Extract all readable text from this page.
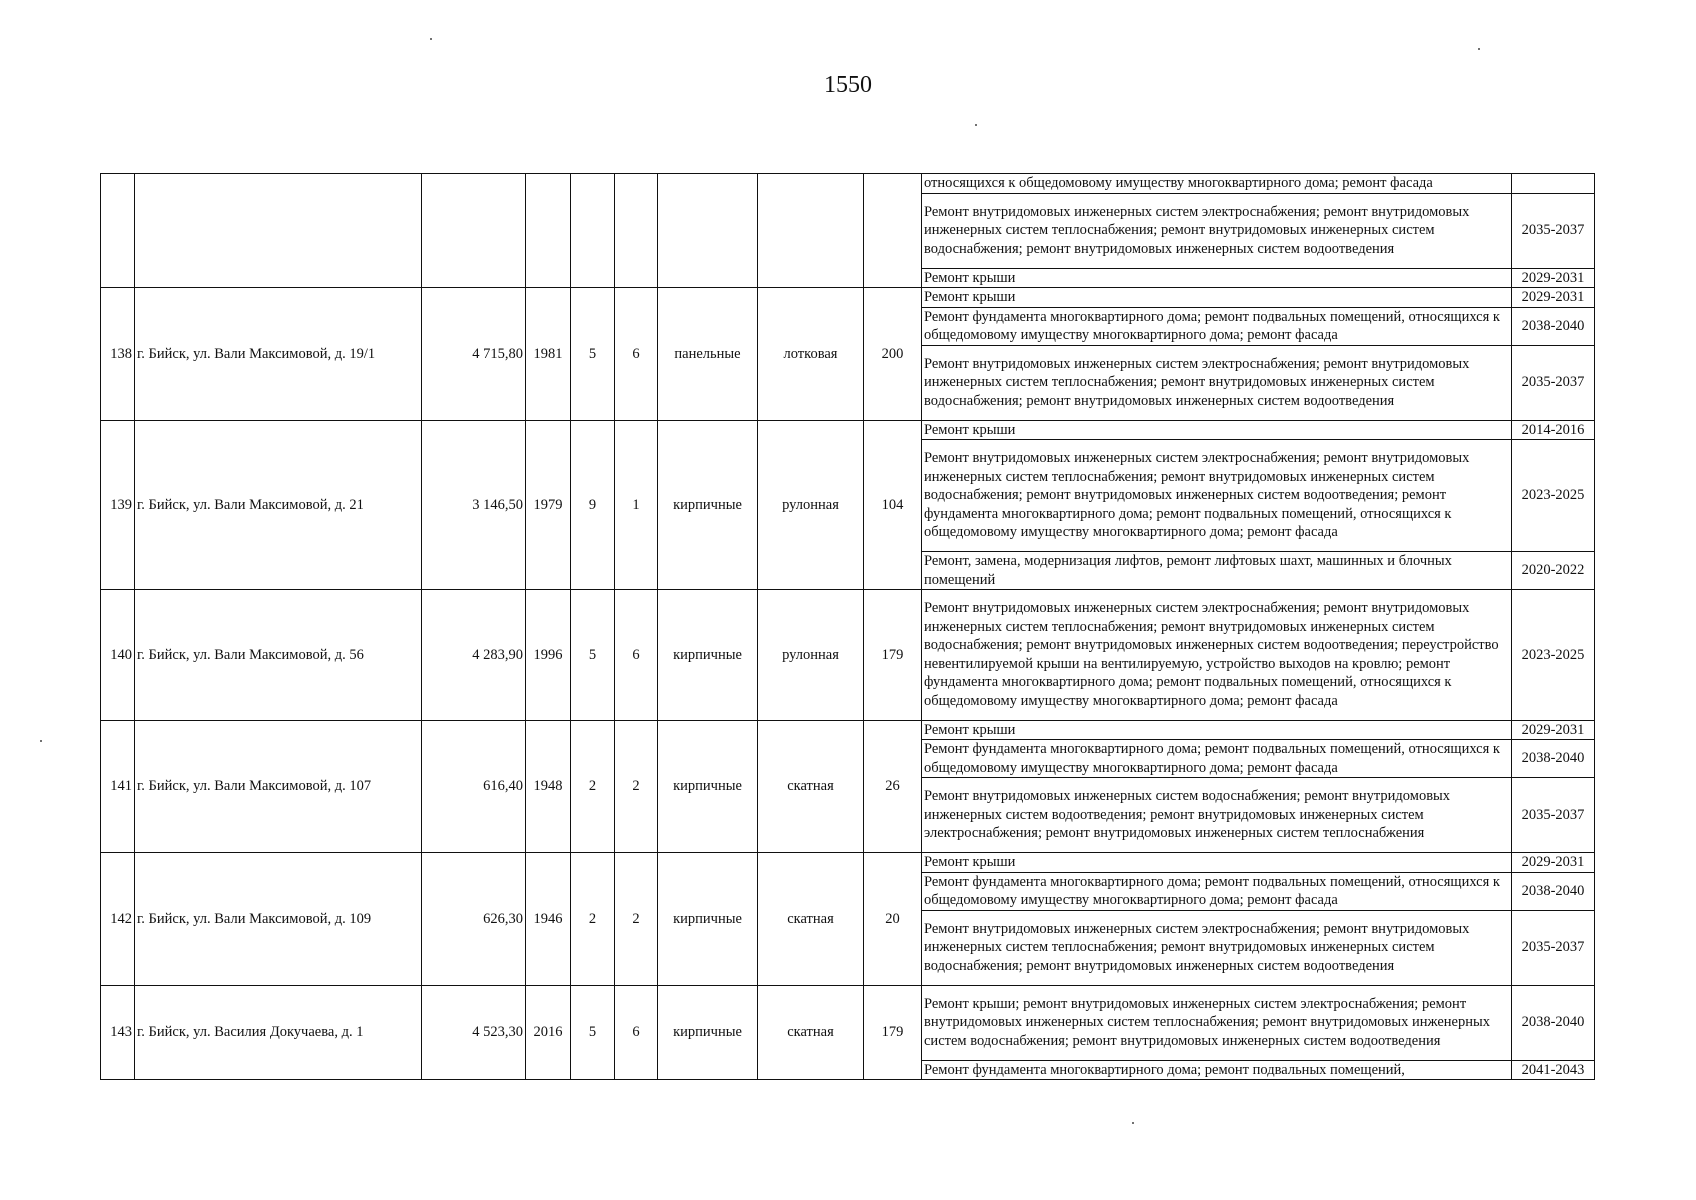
1550
									относящихся к общедомовому имуществу многоквартирного дома; ремонт фасада	
									Ремонт внутридомовых инженерных систем электроснабжения; ремонт внутридомовых инженерных систем теплоснабжения; ремонт внутридомовых инженерных систем водоснабжения; ремонт внутридомовых инженерных систем водоотведения	2035-2037
									Ремонт крыши	2029-2031
138	г. Бийск, ул. Вали Максимовой, д. 19/1	4 715,80	1981	5	6	панельные	лотковая	200	Ремонт крыши	2029-2031
									Ремонт фундамента многоквартирного дома; ремонт подвальных помещений, относящихся к общедомовому имуществу многоквартирного дома; ремонт фасада	2038-2040
									Ремонт внутридомовых инженерных систем электроснабжения; ремонт внутридомовых инженерных систем теплоснабжения; ремонт внутридомовых инженерных систем водоснабжения; ремонт внутридомовых инженерных систем водоотведения	2035-2037
139	г. Бийск, ул. Вали Максимовой, д. 21	3 146,50	1979	9	1	кирпичные	рулонная	104	Ремонт крыши	2014-2016
									Ремонт внутридомовых инженерных систем электроснабжения; ремонт внутридомовых инженерных систем теплоснабжения; ремонт внутридомовых инженерных систем водоснабжения; ремонт внутридомовых инженерных систем водоотведения; ремонт фундамента многоквартирного дома; ремонт подвальных помещений, относящихся к общедомовому имуществу многоквартирного дома; ремонт фасада	2023-2025
									Ремонт, замена, модернизация лифтов, ремонт лифтовых шахт, машинных и блочных помещений	2020-2022
140	г. Бийск, ул. Вали Максимовой, д. 56	4 283,90	1996	5	6	кирпичные	рулонная	179	Ремонт внутридомовых инженерных систем электроснабжения; ремонт внутридомовых инженерных систем теплоснабжения; ремонт внутридомовых инженерных систем водоснабжения; ремонт внутридомовых инженерных систем водоотведения; переустройство невентилируемой крыши на вентилируемую, устройство выходов на кровлю; ремонт фундамента многоквартирного дома; ремонт подвальных помещений, относящихся к общедомовому имуществу многоквартирного дома; ремонт фасада	2023-2025
141	г. Бийск, ул. Вали Максимовой, д. 107	616,40	1948	2	2	кирпичные	скатная	26	Ремонт крыши	2029-2031
									Ремонт фундамента многоквартирного дома; ремонт подвальных помещений, относящихся к общедомовому имуществу многоквартирного дома; ремонт фасада	2038-2040
									Ремонт внутридомовых инженерных систем водоснабжения; ремонт внутридомовых инженерных систем водоотведения; ремонт внутридомовых инженерных систем электроснабжения; ремонт внутридомовых инженерных систем теплоснабжения	2035-2037
142	г. Бийск, ул. Вали Максимовой, д. 109	626,30	1946	2	2	кирпичные	скатная	20	Ремонт крыши	2029-2031
									Ремонт фундамента многоквартирного дома; ремонт подвальных помещений, относящихся к общедомовому имуществу многоквартирного дома; ремонт фасада	2038-2040
									Ремонт внутридомовых инженерных систем электроснабжения; ремонт внутридомовых инженерных систем теплоснабжения; ремонт внутридомовых инженерных систем водоснабжения; ремонт внутридомовых инженерных систем водоотведения	2035-2037
143	г. Бийск, ул. Василия Докучаева, д. 1	4 523,30	2016	5	6	кирпичные	скатная	179	Ремонт крыши; ремонт внутридомовых инженерных систем электроснабжения; ремонт внутридомовых инженерных систем теплоснабжения; ремонт внутридомовых инженерных систем водоснабжения; ремонт внутридомовых инженерных систем водоотведения	2038-2040
									Ремонт фундамента многоквартирного дома; ремонт подвальных помещений,	2041-2043
